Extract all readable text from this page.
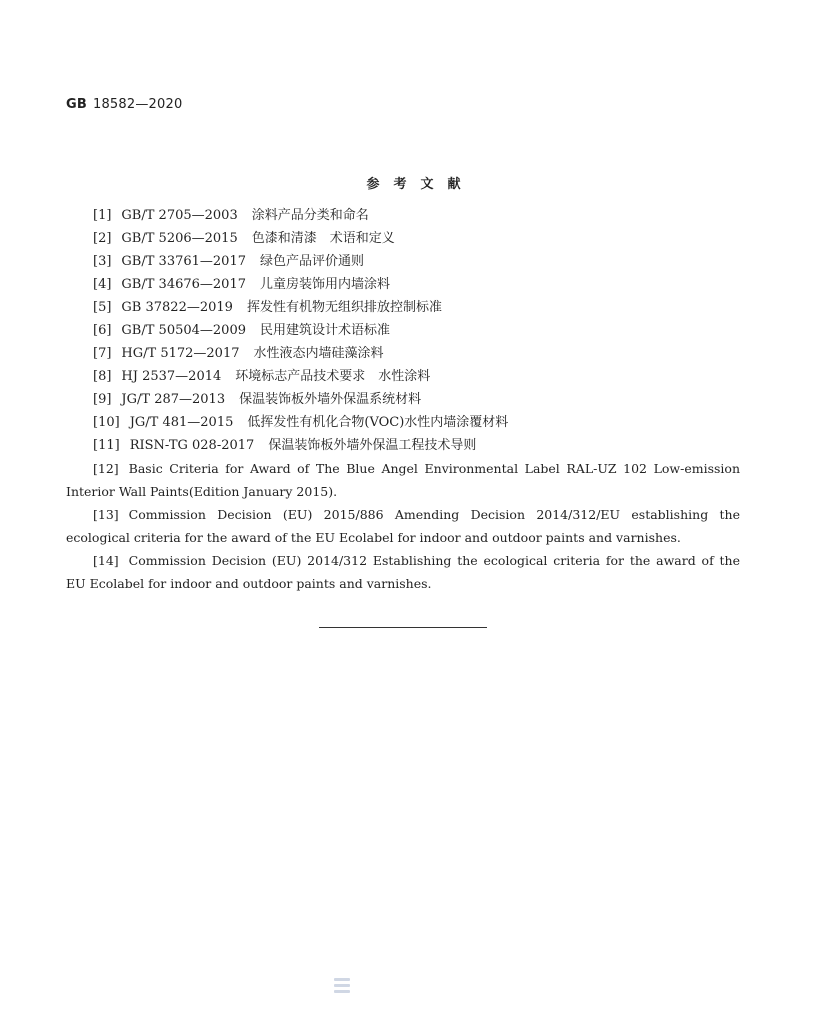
GB 18582—2020
参考文献
[1] GB/T 2705—2003 涂料产品分类和命名
[2] GB/T 5206—2015 色漆和清漆　术语和定义
[3] GB/T 33761—2017 绿色产品评价通则
[4] GB/T 34676—2017 儿童房装饰用内墙涂料
[5] GB 37822—2019 挥发性有机物无组织排放控制标准
[6] GB/T 50504—2009 民用建筑设计术语标准
[7] HG/T 5172—2017 水性液态内墙硅藻涂料
[8] HJ 2537—2014 环境标志产品技术要求　水性涂料
[9] JG/T 287—2013 保温装饰板外墙外保温系统材料
[10] JG/T 481—2015 低挥发性有机化合物(VOC)水性内墙涂覆材料
[11] RISN-TG 028-2017 保温装饰板外墙外保温工程技术导则
[12] Basic Criteria for Award of The Blue Angel Environmental Label RAL-UZ 102 Low-emission Interior Wall Paints(Edition January 2015).
[13] Commission Decision (EU) 2015/886 Amending Decision 2014/312/EU establishing the ecological criteria for the award of the EU Ecolabel for indoor and outdoor paints and varnishes.
[14] Commission Decision (EU) 2014/312 Establishing the ecological criteria for the award of the EU Ecolabel for indoor and outdoor paints and varnishes.
